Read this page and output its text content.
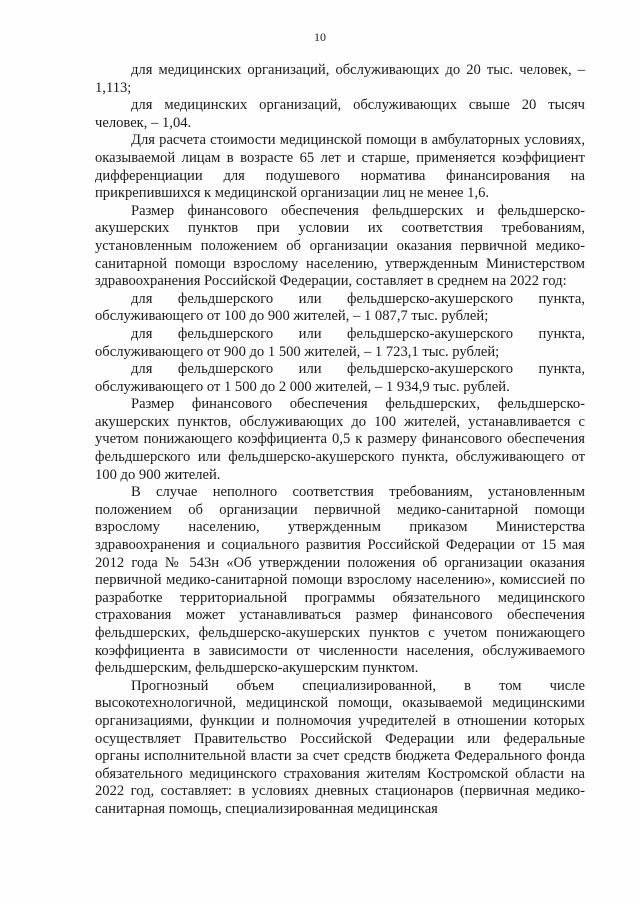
10

для медицинских организаций, обслуживающих до 20 тыс. человек, – 1,113;

для медицинских организаций, обслуживающих свыше 20 тысяч человек, – 1,04.

Для расчета стоимости медицинской помощи в амбулаторных условиях, оказываемой лицам в возрасте 65 лет и старше, применяется коэффициент дифференциации для подушевого норматива финансирования на прикрепившихся к медицинской организации лиц не менее 1,6.

Размер финансового обеспечения фельдшерских и фельдшерско-акушерских пунктов при условии их соответствия требованиям, установленным положением об организации оказания первичной медико-санитарной помощи взрослому населению, утвержденным Министерством здравоохранения Российской Федерации, составляет в среднем на 2022 год:

для фельдшерского или фельдшерско-акушерского пункта, обслуживающего от 100 до 900 жителей, – 1 087,7 тыс. рублей;

для фельдшерского или фельдшерско-акушерского пункта, обслуживающего от 900 до 1 500 жителей, – 1 723,1 тыс. рублей;

для фельдшерского или фельдшерско-акушерского пункта, обслуживающего от 1 500 до 2 000 жителей, – 1 934,9 тыс. рублей.

Размер финансового обеспечения фельдшерских, фельдшерско-акушерских пунктов, обслуживающих до 100 жителей, устанавливается с учетом понижающего коэффициента 0,5 к размеру финансового обеспечения фельдшерского или фельдшерско-акушерского пункта, обслуживающего от 100 до 900 жителей.

В случае неполного соответствия требованиям, установленным положением об организации первичной медико-санитарной помощи взрослому населению, утвержденным приказом Министерства здравоохранения и социального развития Российской Федерации от 15 мая 2012 года № 543н «Об утверждении положения об организации оказания первичной медико-санитарной помощи взрослому населению», комиссией по разработке территориальной программы обязательного медицинского страхования может устанавливаться размер финансового обеспечения фельдшерских, фельдшерско-акушерских пунктов с учетом понижающего коэффициента в зависимости от численности населения, обслуживаемого фельдшерским, фельдшерско-акушерским пунктом.

Прогнозный объем специализированной, в том числе высокотехнологичной, медицинской помощи, оказываемой медицинскими организациями, функции и полномочия учредителей в отношении которых осуществляет Правительство Российской Федерации или федеральные органы исполнительной власти за счет средств бюджета Федерального фонда обязательного медицинского страхования жителям Костромской области на 2022 год, составляет: в условиях дневных стационаров (первичная медико-санитарная помощь, специализированная медицинская
